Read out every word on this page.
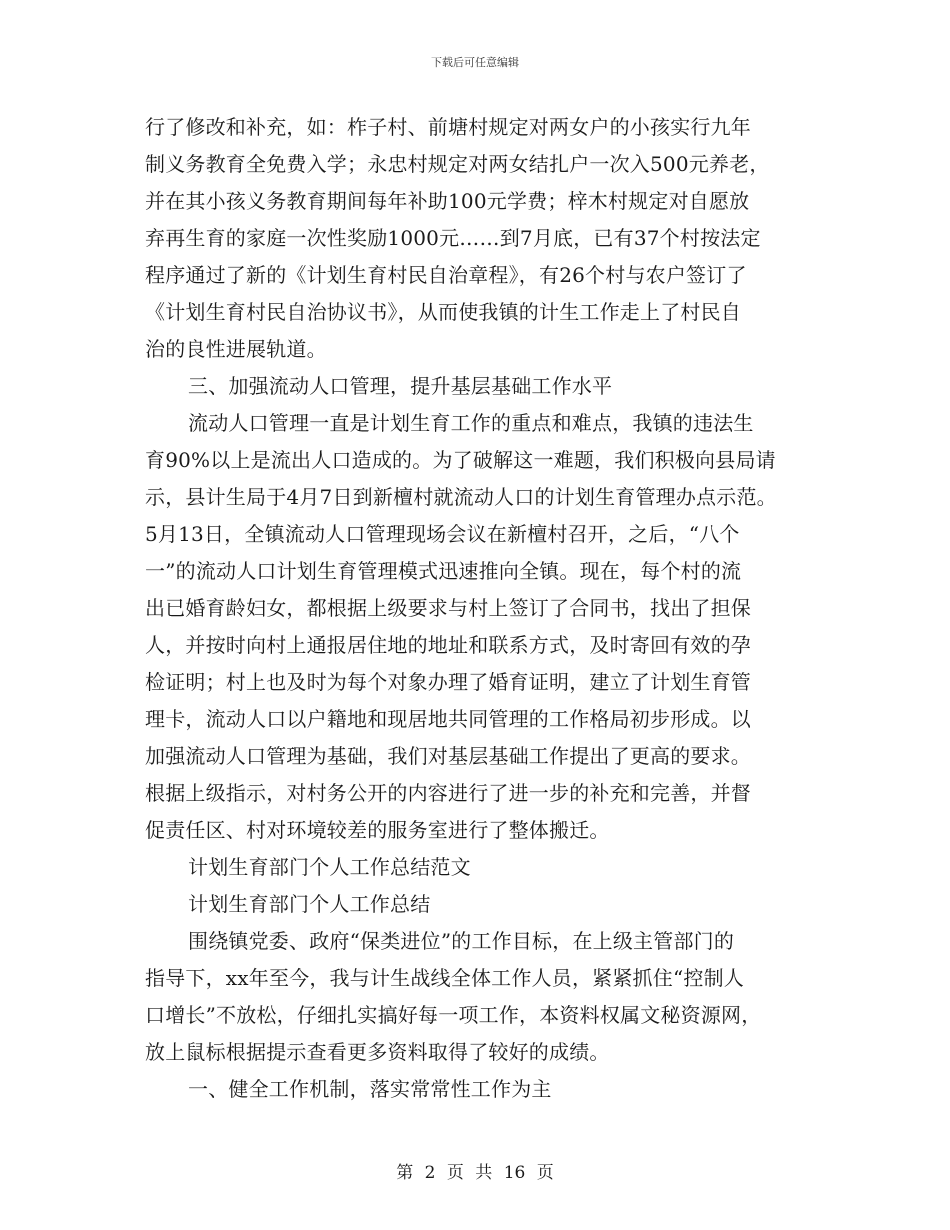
下载后可任意编辑
行了修改和补充，如：柞子村、前塘村规定对两女户的小孩实行九年
制义务教育全免费入学；永忠村规定对两女结扎户一次入500元养老，
并在其小孩义务教育期间每年补助100元学费；梓木村规定对自愿放
弃再生育的家庭一次性奖励1000元……到7月底，已有37个村按法定
程序通过了新的《计划生育村民自治章程》，有26个村与农户签订了
《计划生育村民自治协议书》，从而使我镇的计生工作走上了村民自
治的良性进展轨道。
三、加强流动人口管理，提升基层基础工作水平
流动人口管理一直是计划生育工作的重点和难点，我镇的违法生
育90%以上是流出人口造成的。为了破解这一难题，我们积极向县局请
示，县计生局于4月7日到新檀村就流动人口的计划生育管理办点示范。
5月13日，全镇流动人口管理现场会议在新檀村召开，之后，“八个
一”的流动人口计划生育管理模式迅速推向全镇。现在，每个村的流
出已婚育龄妇女，都根据上级要求与村上签订了合同书，找出了担保
人，并按时向村上通报居住地的地址和联系方式，及时寄回有效的孕
检证明；村上也及时为每个对象办理了婚育证明，建立了计划生育管
理卡，流动人口以户籍地和现居地共同管理的工作格局初步形成。以
加强流动人口管理为基础，我们对基层基础工作提出了更高的要求。
根据上级指示，对村务公开的内容进行了进一步的补充和完善，并督
促责任区、村对环境较差的服务室进行了整体搬迁。
计划生育部门个人工作总结范文
计划生育部门个人工作总结
围绕镇党委、政府“保类进位”的工作目标，在上级主管部门的
指导下，xx年至今，我与计生战线全体工作人员，紧紧抓住“控制人
口增长”不放松，仔细扎实搞好每一项工作，本资料权属文秘资源网，
放上鼠标根据提示查看更多资料取得了较好的成绩。
一、健全工作机制，落实常常性工作为主
第 2 页 共 16 页
